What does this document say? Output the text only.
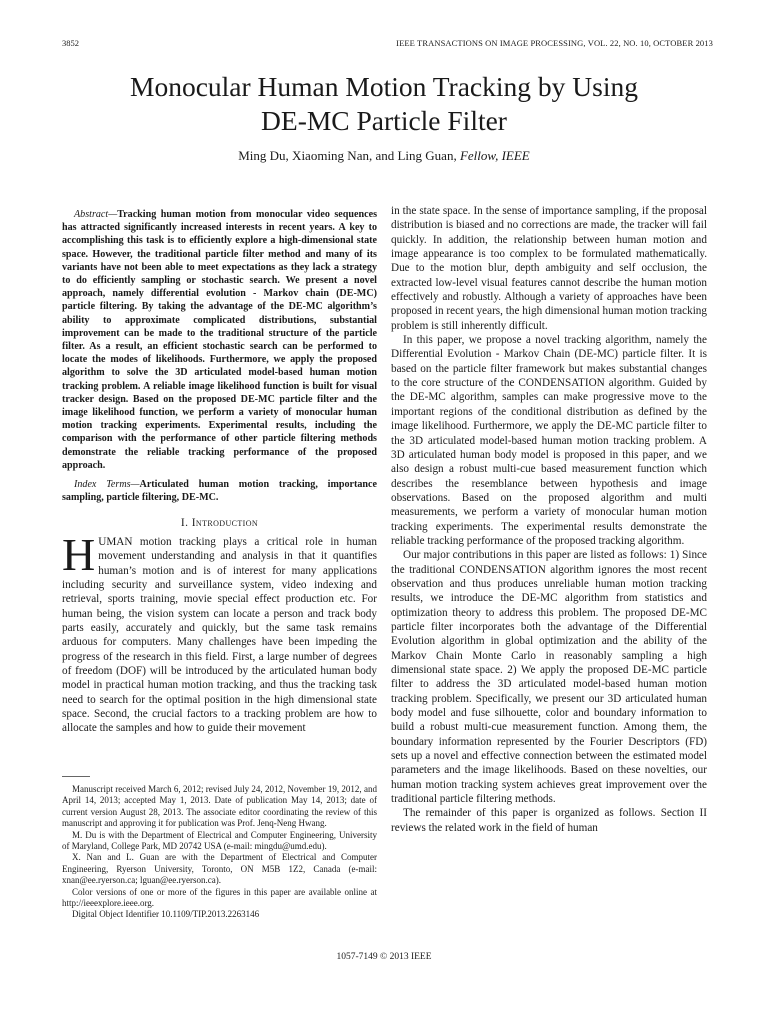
3852	IEEE TRANSACTIONS ON IMAGE PROCESSING, VOL. 22, NO. 10, OCTOBER 2013
Monocular Human Motion Tracking by Using
DE-MC Particle Filter
Ming Du, Xiaoming Nan, and Ling Guan, Fellow, IEEE

Abstract—Tracking human motion from monocular video sequences has attracted significantly increased interests in recent years. A key to accomplishing this task is to efficiently explore a high-dimensional state space. However, the traditional particle filter method and many of its variants have not been able to meet expectations as they lack a strategy to do efficiently sampling or stochastic search. We present a novel approach, namely differential evolution - Markov chain (DE-MC) particle filtering. By taking the advantage of the DE-MC algorithm’s ability to approximate complicated distributions, substantial improvement can be made to the traditional structure of the particle filter. As a result, an efficient stochastic search can be performed to locate the modes of likelihoods. Furthermore, we apply the proposed algorithm to solve the 3D articulated model-based human motion tracking problem. A reliable image likelihood function is built for visual tracker design. Based on the proposed DE-MC particle filter and the image likelihood function, we perform a variety of monocular human motion tracking experiments. Experimental results, including the comparison with the performance of other particle filtering methods demonstrate the reliable tracking performance of the proposed approach.

Index Terms—Articulated human motion tracking, importance sampling, particle filtering, DE-MC.

I. Introduction

HUMAN motion tracking plays a critical role in human movement understanding and analysis in that it quantifies human’s motion and is of interest for many applications including security and surveillance system, video indexing and retrieval, sports training, movie special effect production etc. For human being, the vision system can locate a person and track body parts easily, accurately and quickly, but the same task remains arduous for computers. Many challenges have been impeding the progress of the research in this field. First, a large number of degrees of freedom (DOF) will be introduced by the articulated human body model in practical human motion tracking, and thus the tracking task need to search for the optimal position in the high dimensional state space. Second, the crucial factors to a tracking problem are how to allocate the samples and how to guide their movement

Manuscript received March 6, 2012; revised July 24, 2012, November 19, 2012, and April 14, 2013; accepted May 1, 2013. Date of publication May 14, 2013; date of current version August 28, 2013. The associate editor coordinating the review of this manuscript and approving it for publication was Prof. Jenq-Neng Hwang.

M. Du is with the Department of Electrical and Computer Engineering, University of Maryland, College Park, MD 20742 USA (e-mail: mingdu@umd.edu).

X. Nan and L. Guan are with the Department of Electrical and Computer Engineering, Ryerson University, Toronto, ON M5B 1Z2, Canada (e-mail: xnan@ee.ryerson.ca; lguan@ee.ryerson.ca).

Color versions of one or more of the figures in this paper are available online at http://ieeexplore.ieee.org.

Digital Object Identifier 10.1109/TIP.2013.2263146

in the state space. In the sense of importance sampling, if the proposal distribution is biased and no corrections are made, the tracker will fail quickly. In addition, the relationship between human motion and image appearance is too complex to be formulated mathematically. Due to the motion blur, depth ambiguity and self occlusion, the extracted low-level visual features cannot describe the human motion effectively and robustly. Although a variety of approaches have been proposed in recent years, the high dimensional human motion tracking problem is still inherently difficult.

In this paper, we propose a novel tracking algorithm, namely the Differential Evolution - Markov Chain (DE-MC) particle filter. It is based on the particle filter framework but makes substantial changes to the core structure of the CONDENSATION algorithm. Guided by the DE-MC algorithm, samples can make progressive move to the important regions of the conditional distribution as defined by the image likelihood. Furthermore, we apply the DE-MC particle filter to the 3D articulated model-based human motion tracking problem. A 3D articulated human body model is proposed in this paper, and we also design a robust multi-cue based measurement function which describes the resemblance between hypothesis and image observations. Based on the proposed algorithm and multi measurements, we perform a variety of monocular human motion tracking experiments. The experimental results demonstrate the reliable tracking performance of the proposed tracking algorithm.

Our major contributions in this paper are listed as follows: 1) Since the traditional CONDENSATION algorithm ignores the most recent observation and thus produces unreliable human motion tracking results, we introduce the DE-MC algorithm from statistics and optimization theory to address this problem. The proposed DE-MC particle filter incorporates both the advantage of the Differential Evolution algorithm in global optimization and the ability of the Markov Chain Monte Carlo in reasonably sampling a high dimensional state space. 2) We apply the proposed DE-MC particle filter to address the 3D articulated model-based human motion tracking problem. Specifically, we present our 3D articulated human body model and fuse silhouette, color and boundary information to build a robust multi-cue measurement function. Among them, the boundary information represented by the Fourier Descriptors (FD) sets up a novel and effective connection between the estimated model parameters and the image likelihoods. Based on these novelties, our human motion tracking system achieves great improvement over the traditional particle filtering methods.

The remainder of this paper is organized as follows. Section II reviews the related work in the field of human

1057-7149 © 2013 IEEE
